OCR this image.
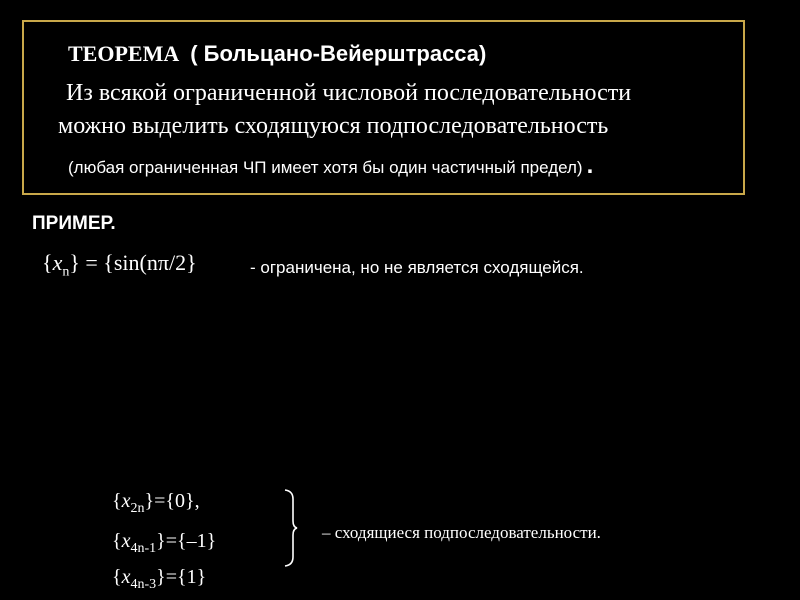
ТЕОРЕМА ( Больцано-Вейерштрасса)
Из всякой ограниченной числовой последовательности
можно выделить сходящуюся подпоследовательность
(любая ограниченная ЧП имеет хотя бы один частичный предел) .
ПРИМЕР.
$\{x_n\} = \{\sin(n\pi/2\}$	- ограничена, но не является сходящейся.
$\{x_{2n}\}=\{0\}$,
$\{x_{4n-1}\}=\{-1\}$
$\{x_{4n-3}\}=\{1\}$
– сходящиеся подпоследовательности.
